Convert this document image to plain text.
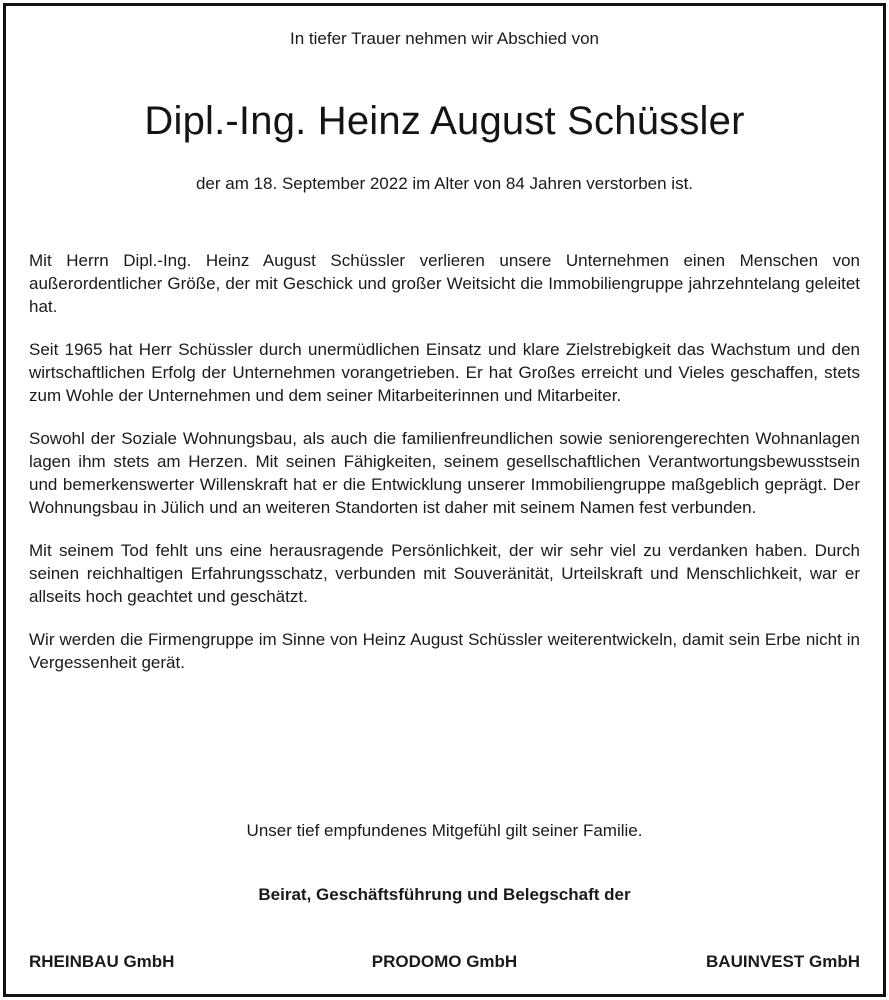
In tiefer Trauer nehmen wir Abschied von
Dipl.-Ing. Heinz August Schüssler
der am 18. September 2022 im Alter von 84 Jahren verstorben ist.

Mit Herrn Dipl.-Ing. Heinz August Schüssler verlieren unsere Unternehmen einen Menschen von außerordentlicher Größe, der mit Geschick und großer Weitsicht die Immobiliengruppe jahrzehntelang geleitet hat.

Seit 1965 hat Herr Schüssler durch unermüdlichen Einsatz und klare Zielstrebigkeit das Wachstum und den wirtschaftlichen Erfolg der Unternehmen vorangetrieben. Er hat Großes erreicht und Vieles geschaffen, stets zum Wohle der Unternehmen und dem seiner Mitarbeiterinnen und Mitarbeiter.

Sowohl der Soziale Wohnungsbau, als auch die familienfreundlichen sowie seniorengerechten Wohnanlagen lagen ihm stets am Herzen. Mit seinen Fähigkeiten, seinem gesellschaftlichen Verantwortungsbewusstsein und bemerkenswerter Willenskraft hat er die Entwicklung unserer Immobiliengruppe maßgeblich geprägt. Der Wohnungsbau in Jülich und an weiteren Standorten ist daher mit seinem Namen fest verbunden.

Mit seinem Tod fehlt uns eine herausragende Persönlichkeit, der wir sehr viel zu verdanken haben. Durch seinen reichhaltigen Erfahrungsschatz, verbunden mit Souveränität, Urteilskraft und Menschlichkeit, war er allseits hoch geachtet und geschätzt.

Wir werden die Firmengruppe im Sinne von Heinz August Schüssler weiterentwickeln, damit sein Erbe nicht in Vergessenheit gerät.

Unser tief empfundenes Mitgefühl gilt seiner Familie.
Beirat, Geschäftsführung und Belegschaft der
RHEINBAU GmbH	PRODOMO GmbH	BAUINVEST GmbH
